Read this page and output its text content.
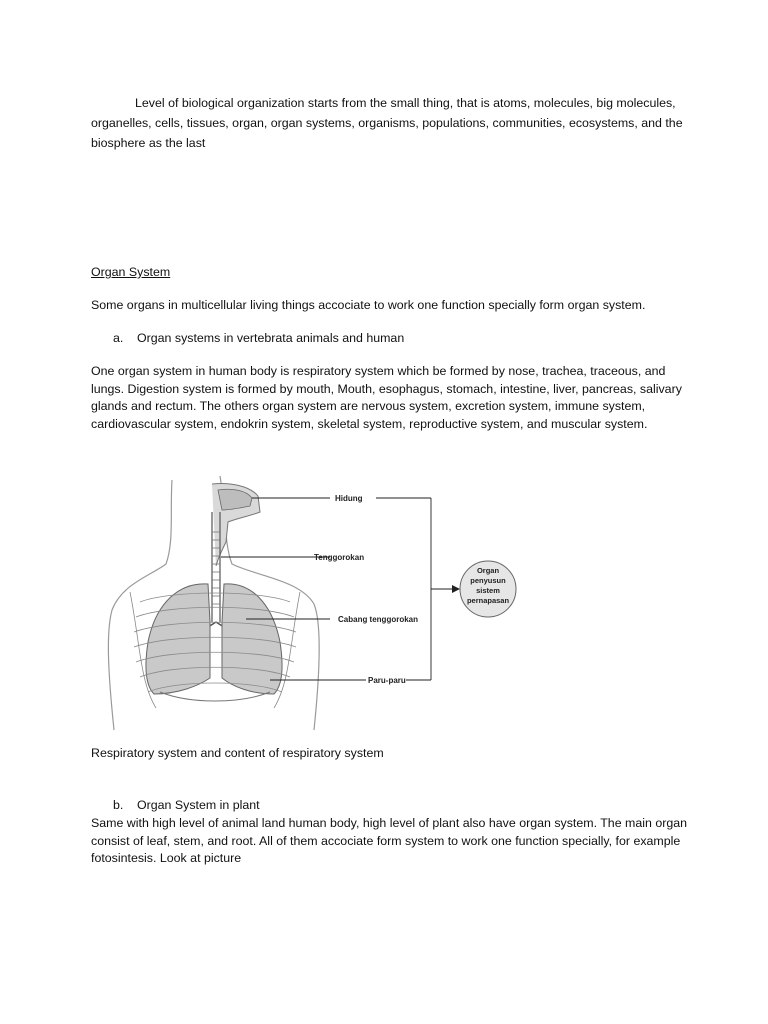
Level of biological organization starts from the small thing, that is atoms, molecules, big molecules, organelles, cells, tissues, organ, organ systems, organisms, populations, communities, ecosystems, and the biosphere as the last
Organ System
Some organs in multicellular living things accociate to work one function specially form organ system.
a. Organ systems in vertebrata animals and human
One organ system in human body is respiratory system which be formed by nose, trachea, traceous, and lungs. Digestion system is formed by mouth, Mouth, esophagus, stomach, intestine, liver, pancreas, salivary glands and rectum. The others organ system are nervous system, excretion system, immune system, cardiovascular system, endokrin system, skeletal system, reproductive system, and muscular system.
Hidung
Tenggorokan
Cabang tenggorokan
Paru-paru
Organ
penyusun
sistem
pernapasan
Respiratory system and content of respiratory system
b. Organ System in plant
Same with high level of animal land human body, high level of plant also have organ system. The main organ consist of leaf, stem, and root. All of them accociate form system to work one function specially, for example fotosintesis. Look at picture
